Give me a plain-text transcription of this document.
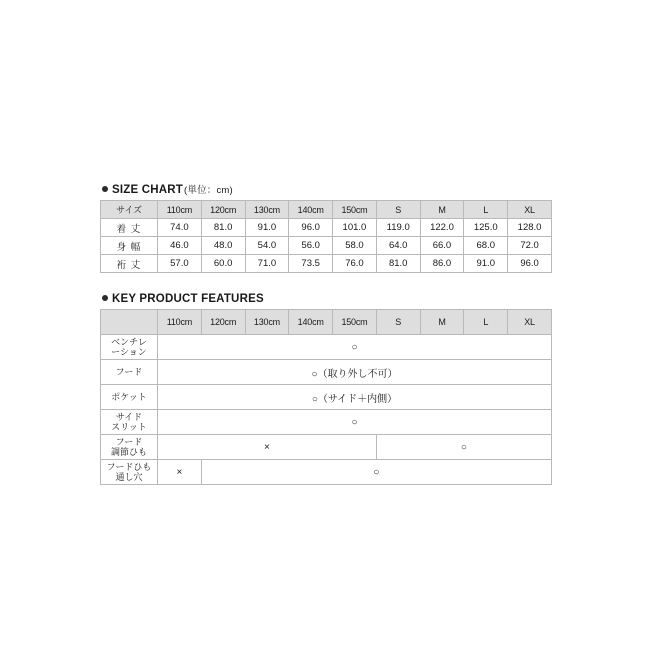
SIZE CHART (単位：cm)
サイズ	110cm	120cm	130cm	140cm	150cm	S	M	L	XL
着 丈	74.0	81.0	91.0	96.0	101.0	119.0	122.0	125.0	128.0
身 幅	46.0	48.0	54.0	56.0	58.0	64.0	66.0	68.0	72.0
裄 丈	57.0	60.0	71.0	73.5	76.0	81.0	86.0	91.0	96.0
KEY PRODUCT FEATURES
	110cm	120cm	130cm	140cm	150cm	S	M	L	XL

ベンチレ
ーション	○								

フード	○（取り外し不可）								

ポケット	○（サイド＋内側）								

サイド
スリット	○								

フード
調節ひも	×					○			

フードひも
通し穴	×	○							
